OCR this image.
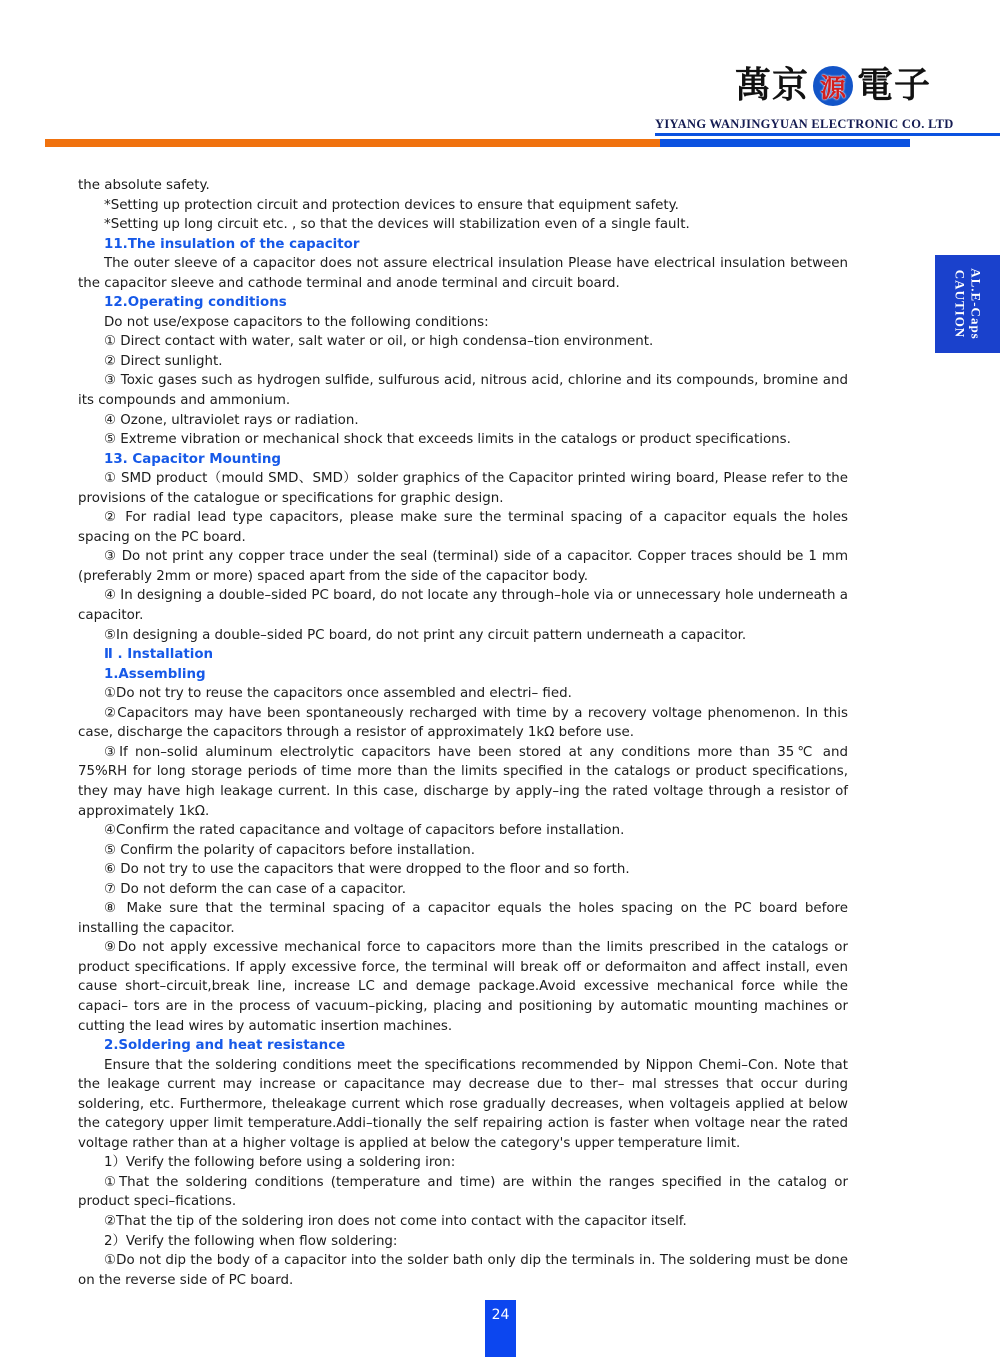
萬京 源 電子
YIYANG WANJINGYUAN ELECTRONIC CO. LTD
CAUTION AL.E-Caps

the absolute safety.

*Setting up protection circuit and protection devices to ensure that equipment safety.

*Setting up long circuit etc. , so that the devices will stabilization even of a single fault.

11.The insulation of the capacitor

The outer sleeve of a capacitor does not assure electrical insulation Please have electrical insulation between the capacitor sleeve and cathode terminal and anode terminal and circuit board.

12.Operating conditions

Do not use/expose capacitors to the following conditions:

① Direct contact with water, salt water or oil, or high condensa–tion environment.

② Direct sunlight.

③ Toxic gases such as hydrogen sulfide, sulfurous acid, nitrous acid, chlorine and its compounds, bromine and its compounds and ammonium.

④ Ozone, ultraviolet rays or radiation.

⑤ Extreme vibration or mechanical shock that exceeds limits in the catalogs or product specifications.

13. Capacitor Mounting

① SMD product（mould SMD、SMD）solder graphics of the Capacitor printed wiring board, Please refer to the provisions of the catalogue or specifications for graphic design.

② For radial lead type capacitors, please make sure the terminal spacing of a capacitor equals the holes spacing on the PC board.

③ Do not print any copper trace under the seal (terminal) side of a capacitor. Copper traces should be 1 mm (preferably 2mm or more) spaced apart from the side of the capacitor body.

④ In designing a double–sided PC board, do not locate any through–hole via or unnecessary hole underneath a capacitor.

⑤In designing a double–sided PC board, do not print any circuit pattern underneath a capacitor.

Ⅱ . Installation

1.Assembling

①Do not try to reuse the capacitors once assembled and electri– fied.

②Capacitors may have been spontaneously recharged with time by a recovery voltage phenomenon. In this case, discharge the capacitors through a resistor of approximately 1kΩ before use.

③If non–solid aluminum electrolytic capacitors have been stored at any conditions more than 35℃ and 75%RH for long storage periods of time more than the limits specified in the catalogs or product specifications, they may have high leakage current. In this case, discharge by apply–ing the rated voltage through a resistor of approximately 1kΩ.

④Confirm the rated capacitance and voltage of capacitors before installation.

⑤ Confirm the polarity of capacitors before installation.

⑥ Do not try to use the capacitors that were dropped to the floor and so forth.

⑦ Do not deform the can case of a capacitor.

⑧ Make sure that the terminal spacing of a capacitor equals the holes spacing on the PC board before installing the capacitor.

⑨Do not apply excessive mechanical force to capacitors more than the limits prescribed in the catalogs or product specifications. If apply excessive force, the terminal will break off or deformaiton and affect install, even cause short–circuit,break line, increase LC and demage package.Avoid excessive mechanical force while the capaci– tors are in the process of vacuum–picking, placing and positioning by automatic mounting machines or cutting the lead wires by automatic insertion machines.

2.Soldering and heat resistance

Ensure that the soldering conditions meet the specifications recommended by Nippon Chemi–Con. Note that the leakage current may increase or capacitance may decrease due to ther– mal stresses that occur during soldering, etc. Furthermore, theleakage current which rose gradually decreases, when voltageis applied at below the category upper limit temperature.Addi–tionally the self repairing action is faster when voltage near the rated voltage rather than at a higher voltage is applied at below the category's upper temperature limit.

1）Verify the following before using a soldering iron:

①That the soldering conditions (temperature and time) are within the ranges specified in the catalog or product speci–fications.

②That the tip of the soldering iron does not come into contact with the capacitor itself.

2）Verify the following when flow soldering:

①Do not dip the body of a capacitor into the solder bath only dip the terminals in. The soldering must be done on the reverse side of PC board.

24
